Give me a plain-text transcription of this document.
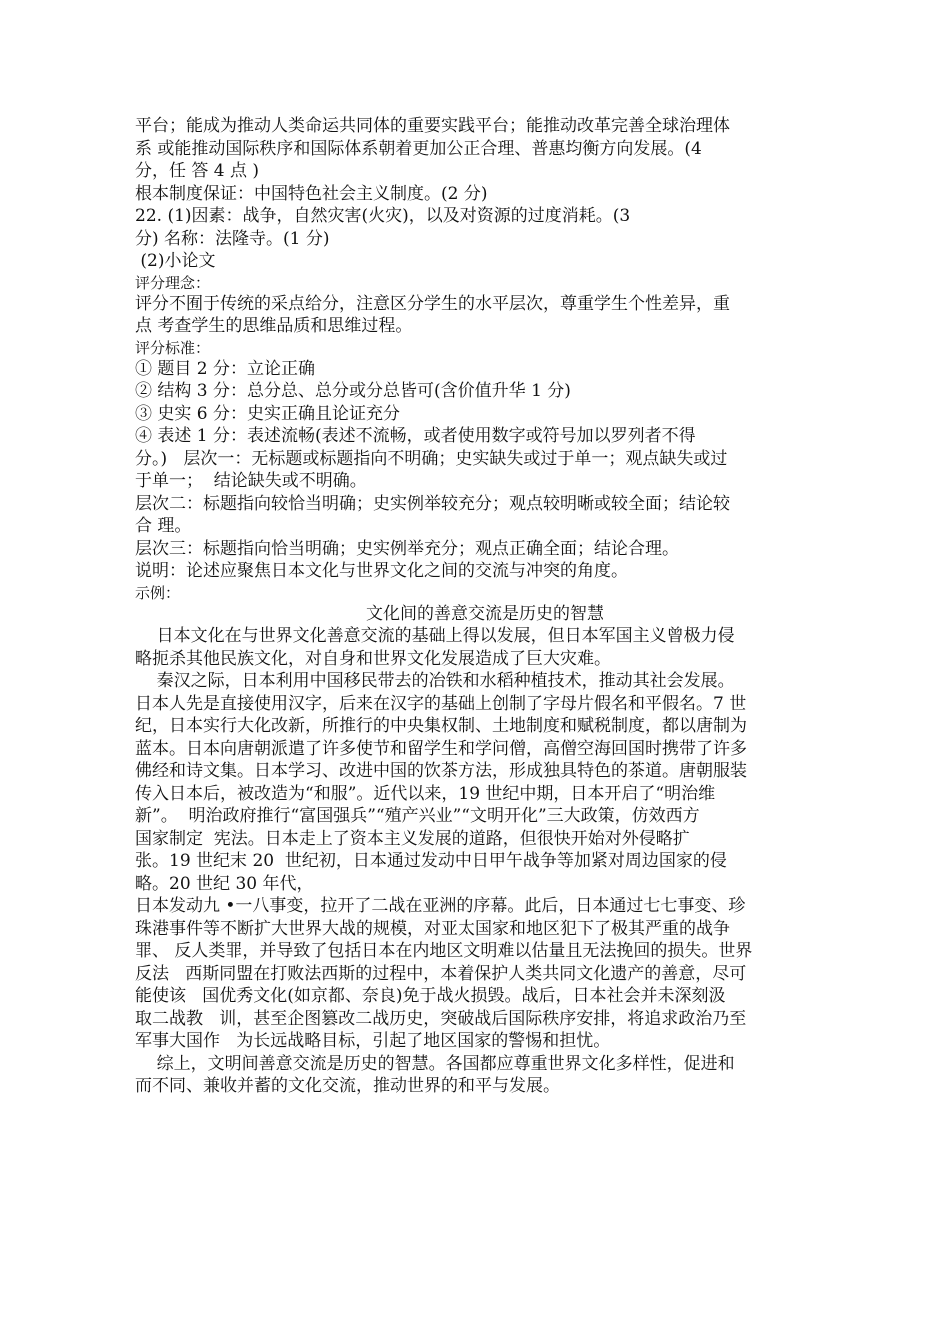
平台；能成为推动人类命运共同体的重要实践平台；能推动改革完善全球治理体

系 或能推动国际秩序和国际体系朝着更加公正合理、普惠均衡方向发展。(4

分，任 答 4 点 )

根本制度保证：中国特色社会主义制度。(2 分)

22. (1)因素：战争，自然灾害(火灾)，以及对资源的过度消耗。(3

分) 名称：法隆寺。(1 分)

(2)小论文

评分理念：

评分不囿于传统的采点给分，注意区分学生的水平层次，尊重学生个性差异，重

点 考查学生的思维品质和思维过程。

评分标准：

① 题目 2 分：立论正确

② 结构 3 分：总分总、总分或分总皆可(含价值升华 1 分)

③ 史实 6 分：史实正确且论证充分

④ 表述 1 分：表述流畅(表述不流畅，或者使用数字或符号加以罗列者不得

分。)   层次一：无标题或标题指向不明确；史实缺失或过于单一；观点缺失或过

于单一；  结论缺失或不明确。

层次二：标题指向较恰当明确；史实例举较充分；观点较明晰或较全面；结论较

合 理。

层次三：标题指向恰当明确；史实例举充分；观点正确全面；结论合理。

说明：论述应聚焦日本文化与世界文化之间的交流与冲突的角度。

示例：

文化间的善意交流是历史的智慧

日本文化在与世界文化善意交流的基础上得以发展，但日本军国主义曾极力侵

略扼杀其他民族文化，对自身和世界文化发展造成了巨大灾难。

秦汉之际，日本利用中国移民带去的冶铁和水稻种植技术，推动其社会发展。

日本人先是直接使用汉字，后来在汉字的基础上创制了字母片假名和平假名。7 世

纪，日本实行大化改新，所推行的中央集权制、土地制度和赋税制度，都以唐制为

蓝本。日本向唐朝派遣了许多使节和留学生和学问僧，高僧空海回国时携带了许多

佛经和诗文集。日本学习、改进中国的饮茶方法，形成独具特色的茶道。唐朝服装

传入日本后，被改造为“和服”。近代以来，19 世纪中期，日本开启了“明治维

新”。  明治政府推行“富国强兵”“殖产兴业”“文明开化”三大政策，仿效西方

国家制定  宪法。日本走上了资本主义发展的道路，但很快开始对外侵略扩

张。19 世纪末 20  世纪初，日本通过发动中日甲午战争等加紧对周边国家的侵

略。20 世纪 30 年代，

日本发动九 •一八事变，拉开了二战在亚洲的序幕。此后，日本通过七七事变、珍

珠港事件等不断扩大世界大战的规模，对亚太国家和地区犯下了极其严重的战争

罪、 反人类罪，并导致了包括日本在内地区文明难以估量且无法挽回的损失。世界

反法   西斯同盟在打败法西斯的过程中，本着保护人类共同文化遗产的善意，尽可

能使该   国优秀文化(如京都、奈良)免于战火损毁。战后，日本社会并未深刻汲

取二战教   训，甚至企图篡改二战历史，突破战后国际秩序安排，将追求政治乃至

军事大国作   为长远战略目标，引起了地区国家的警惕和担忧。

综上，文明间善意交流是历史的智慧。各国都应尊重世界文化多样性，促进和

而不同、兼收并蓄的文化交流，推动世界的和平与发展。
